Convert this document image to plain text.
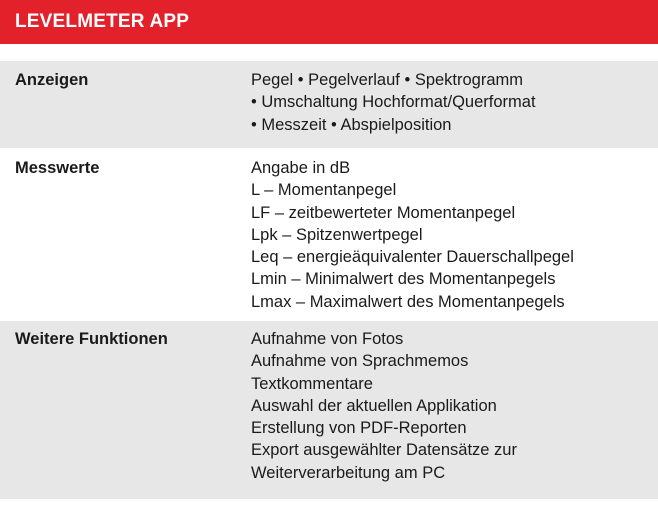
LEVELMETER APP
Anzeigen	Pegel • Pegelverlauf • Spektrogramm
• Umschaltung Hochformat/Querformat
• Messzeit • Abspielposition
Messwerte	Angabe in dB
L – Momentanpegel
LF – zeitbewerteter Momentanpegel
Lpk – Spitzenwertpegel
Leq – energieäquivalenter Dauerschallpegel
Lmin – Minimalwert des Momentanpegels
Lmax – Maximalwert des Momentanpegels
Weitere Funktionen	Aufnahme von Fotos
Aufnahme von Sprachmemos
Textkommentare
Auswahl der aktuellen Applikation
Erstellung von PDF-Reporten
Export ausgewählter Datensätze zur
Weiterverarbeitung am PC
